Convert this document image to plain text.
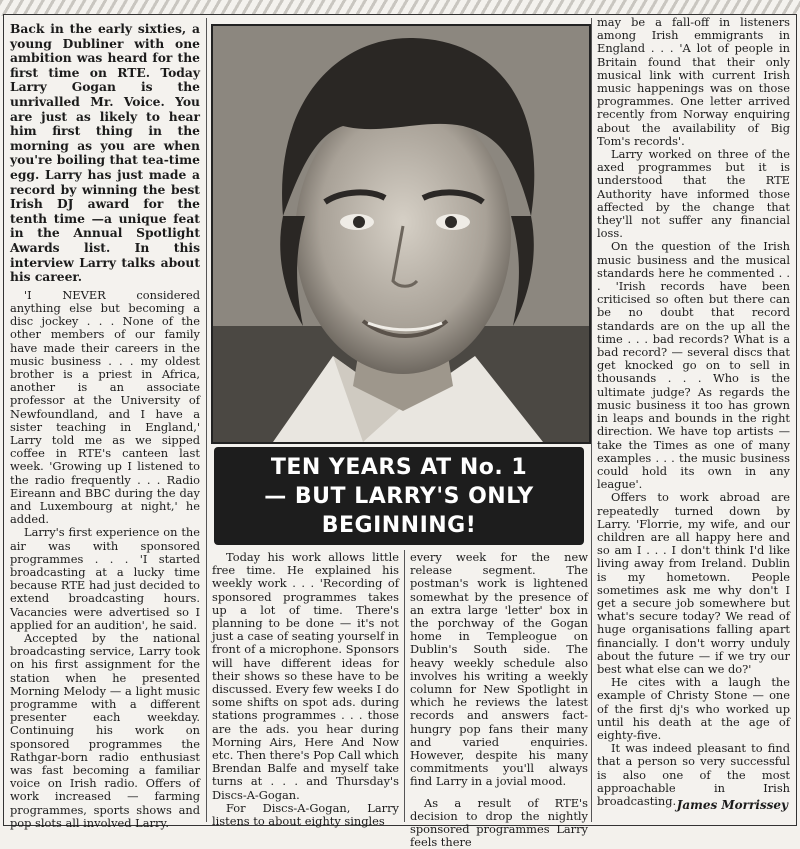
Back in the early sixties, a young Dubliner with one ambition was heard for the first time on RTE. Today Larry Gogan is the unrivalled Mr. Voice. You are just as likely to hear him first thing in the morning as you are when you're boiling that tea-time egg. Larry has just made a record by winning the best Irish DJ award for the tenth time —a unique feat in the Annual Spotlight Awards list. In this interview Larry talks about his career.

'I NEVER considered anything else but becoming a disc jockey . . . None of the other members of our family have made their careers in the music business . . . my oldest brother is a priest in Africa, another is an associate professor at the University of Newfoundland, and I have a sister teaching in England,' Larry told me as we sipped coffee in RTE's canteen last week. 'Growing up I listened to the radio frequently . . . Radio Eireann and BBC during the day and Luxembourg at night,' he added.

Larry's first experience on the air was with sponsored programmes . . . 'I started broadcasting at a lucky time because RTE had just decided to extend broadcasting hours. Vacancies were advertised so I applied for an audition', he said.

Accepted by the national broadcasting service, Larry took on his first assignment for the station when he presented Morning Melody — a light music programme with a different presenter each weekday. Continuing his work on sponsored programmes the Rathgar-born radio enthusiast was fast becoming a familiar voice on Irish radio. Offers of work increased — farming programmes, sports shows and pop slots all involved Larry.

TEN YEARS AT No. 1
— BUT LARRY'S ONLY
BEGINNING!

Today his work allows little free time. He explained his weekly work . . . 'Recording of sponsored programmes takes up a lot of time. There's planning to be done — it's not just a case of seating yourself in front of a microphone. Sponsors will have different ideas for their shows so these have to be discussed. Every few weeks I do some shifts on spot ads. during stations programmes . . . those are the ads. you hear during Morning Airs, Here And Now etc. Then there's Pop Call which Brendan Balfe and myself take turns at . . . and Thursday's Discs-A-Gogan.

For Discs-A-Gogan, Larry listens to about eighty singles

every week for the new release segment. The postman's work is lightened somewhat by the presence of an extra large 'letter' box in the porchway of the Gogan home in Templeogue on Dublin's South side. The heavy weekly schedule also involves his writing a weekly column for New Spotlight in which he reviews the latest records and answers fact-hungry pop fans their many and varied enquiries. However, despite his many commitments you'll always find Larry in a jovial mood.

As a result of RTE's decision to drop the nightly sponsored programmes Larry feels there

may be a fall-off in listeners among Irish emmigrants in England . . . 'A lot of people in Britain found that their only musical link with current Irish music happenings was on those programmes. One letter arrived recently from Norway enquiring about the availability of Big Tom's records'.

Larry worked on three of the axed programmes but it is understood that the RTE Authority have informed those affected by the change that they'll not suffer any financial loss.

On the question of the Irish music business and the musical standards here he commented . . . 'Irish records have been criticised so often but there can be no doubt that record standards are on the up all the time . . . bad records? What is a bad record? — several discs that get knocked go on to sell in thousands . . . Who is the ultimate judge? As regards the music business it too has grown in leaps and bounds in the right direction. We have top artists — take the Times as one of many examples . . . the music business could hold its own in any league'.

Offers to work abroad are repeatedly turned down by Larry. 'Florrie, my wife, and our children are all happy here and so am I . . . I don't think I'd like living away from Ireland. Dublin is my hometown. People sometimes ask me why don't I get a secure job somewhere but what's secure today? We read of huge organisations falling apart financially. I don't worry unduly about the future — if we try our best what else can we do?'

He cites with a laugh the example of Christy Stone — one of the first dj's who worked up until his death at the age of eighty-five.

It was indeed pleasant to find that a person so very successful is also one of the most approachable in Irish broadcasting. James Morrissey
